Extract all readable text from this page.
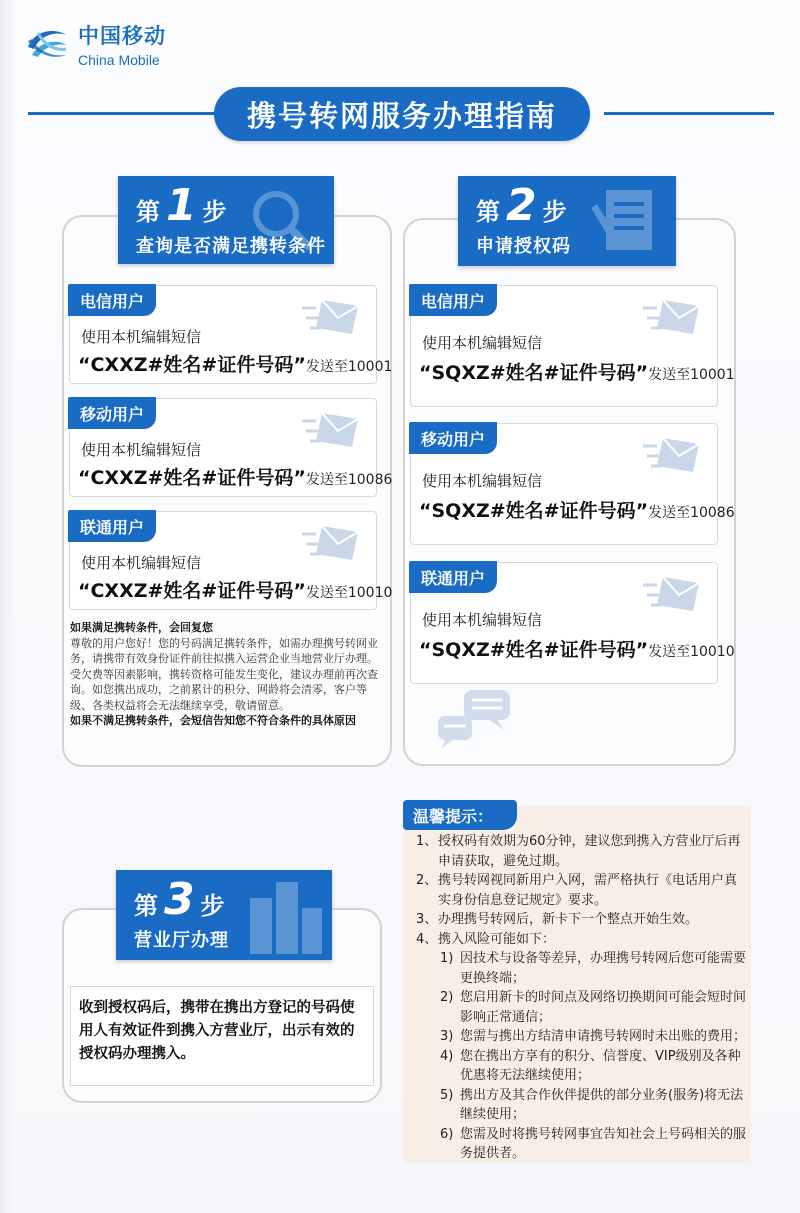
中国移动
China Mobile
携号转网服务办理指南
第 1 步
查询是否满足携转条件
电信用户
使用本机编辑短信
“CXXZ#姓名#证件号码” 发送至10001
移动用户
使用本机编辑短信
“CXXZ#姓名#证件号码” 发送至10086
联通用户
使用本机编辑短信
“CXXZ#姓名#证件号码” 发送至10010
如果满足携转条件，会回复您
尊敬的用户您好！您的号码满足携转条件，如需办理携号转网业务，请携带有效身份证件前往拟携入运营企业当地营业厅办理。
受欠费等因素影响，携转资格可能发生变化，建议办理前再次查询。如您携出成功，之前累计的积分、网龄将会清零，客户等级、各类权益将会无法继续享受，敬请留意。
如果不满足携转条件，会短信告知您不符合条件的具体原因
第 2 步
申请授权码
电信用户
使用本机编辑短信
“SQXZ#姓名#证件号码” 发送至10001
移动用户
使用本机编辑短信
“SQXZ#姓名#证件号码” 发送至10086
联通用户
使用本机编辑短信
“SQXZ#姓名#证件号码” 发送至10010
第 3 步
营业厅办理
收到授权码后，携带在携出方登记的号码使用人有效证件到携入方营业厅，出示有效的授权码办理携入。
温馨提示：
1、 授权码有效期为60分钟，建议您到携入方营业厅后再申请获取，避免过期。
2、 携号转网视同新用户入网，需严格执行《电话用户真实身份信息登记规定》要求。
3、 办理携号转网后，新卡下一个整点开始生效。
4、 携入风险可能如下：
1) 因技术与设备等差异，办理携号转网后您可能需要更换终端；
2) 您启用新卡的时间点及网络切换期间可能会短时间影响正常通信；
3) 您需与携出方结清申请携号转网时未出账的费用；
4) 您在携出方享有的积分、信誉度、VIP级别及各种优惠将无法继续使用；
5) 携出方及其合作伙伴提供的部分业务(服务)将无法继续使用；
6) 您需及时将携号转网事宜告知社会上号码相关的服务提供者。
